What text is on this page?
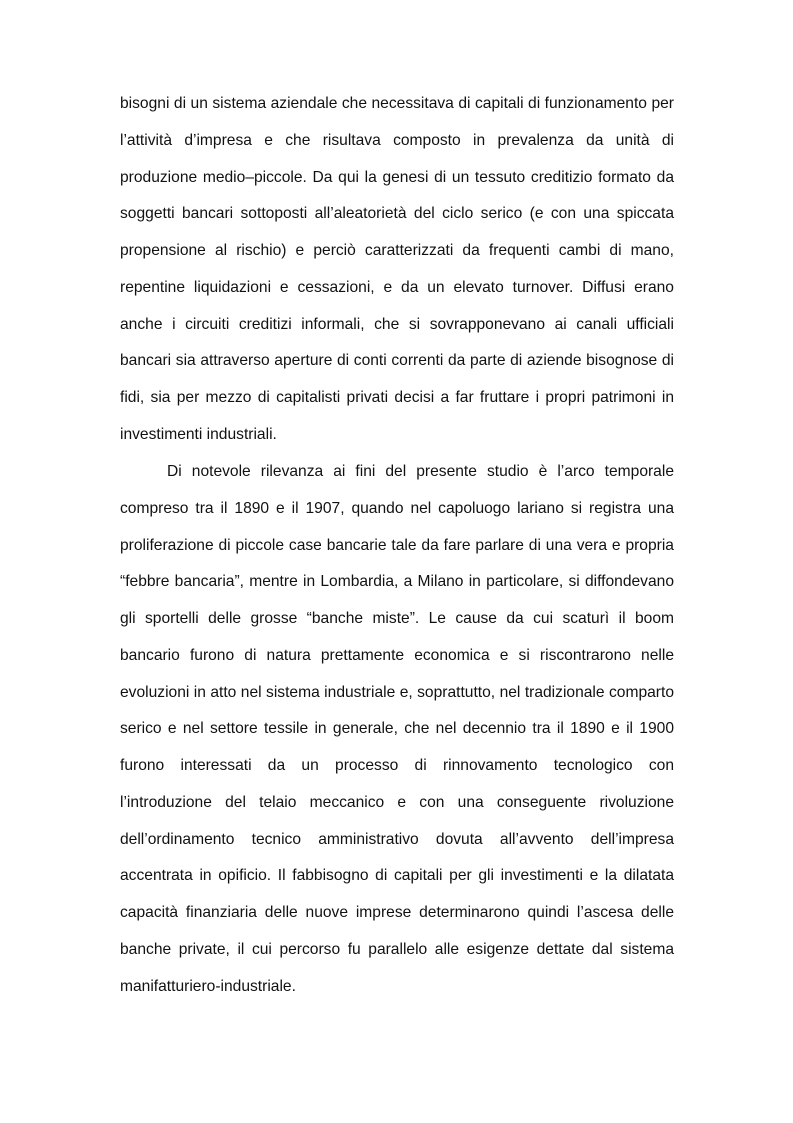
bisogni di un sistema aziendale che necessitava di capitali di funzionamento per l’attività d’impresa e che risultava composto in prevalenza da unità di produzione medio–piccole. Da qui la genesi di un tessuto creditizio formato da soggetti bancari sottoposti all’aleatorietà del ciclo serico (e con una spiccata propensione al rischio) e perciò caratterizzati da frequenti cambi di mano, repentine liquidazioni e cessazioni, e da un elevato turnover. Diffusi erano anche i circuiti creditizi informali, che si sovrapponevano ai canali ufficiali bancari sia attraverso aperture di conti correnti da parte di aziende bisognose di fidi, sia per mezzo di capitalisti privati decisi a far fruttare i propri patrimoni in investimenti industriali.

Di notevole rilevanza ai fini del presente studio è l’arco temporale compreso tra il 1890 e il 1907, quando nel capoluogo lariano si registra una proliferazione di piccole case bancarie tale da fare parlare di una vera e propria “febbre bancaria”, mentre in Lombardia, a Milano in particolare, si diffondevano gli sportelli delle grosse “banche miste”. Le cause da cui scaturì il boom bancario furono di natura prettamente economica e si riscontrarono nelle evoluzioni in atto nel sistema industriale e, soprattutto, nel tradizionale comparto serico e nel settore tessile in generale, che nel decennio tra il 1890 e il 1900 furono interessati da un processo di rinnovamento tecnologico con l’introduzione del telaio meccanico e con una conseguente rivoluzione dell’ordinamento tecnico amministrativo dovuta all’avvento dell’impresa accentrata in opificio. Il fabbisogno di capitali per gli investimenti e la dilatata capacità finanziaria delle nuove imprese determinarono quindi l’ascesa delle banche private, il cui percorso fu parallelo alle esigenze dettate dal sistema manifatturiero-industriale.
